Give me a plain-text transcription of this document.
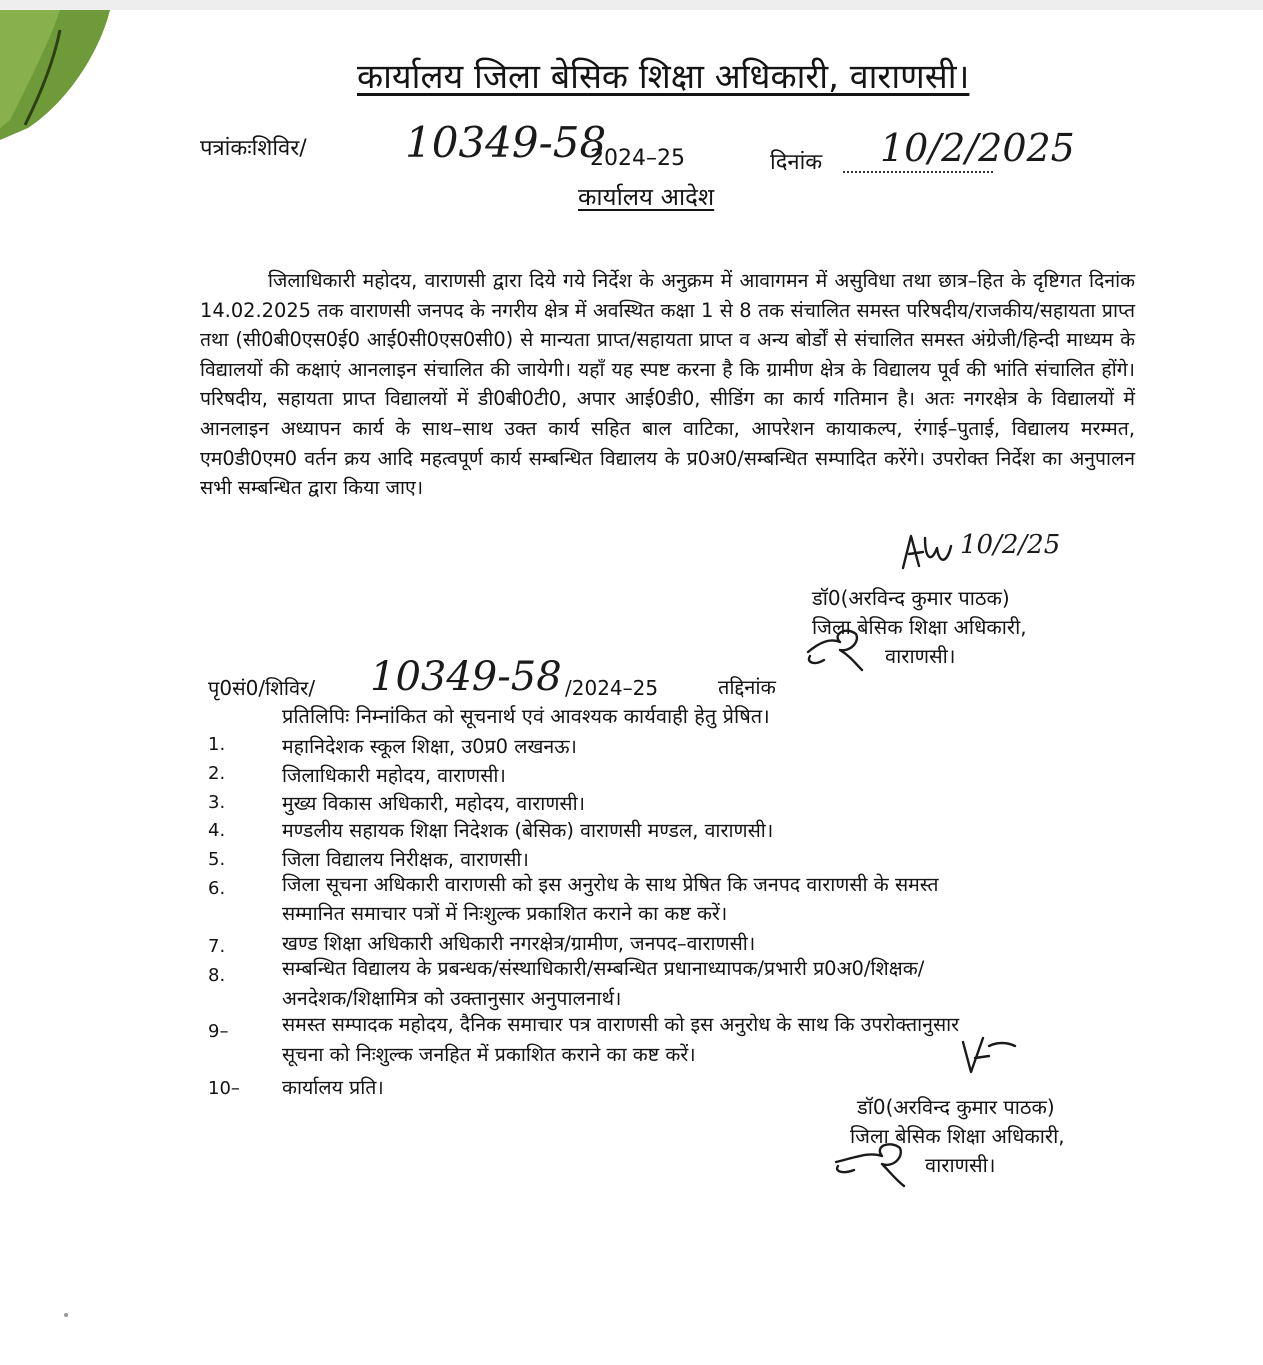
कार्यालय जिला बेसिक शिक्षा अधिकारी, वाराणसी।
पत्रांकःशिविर/ 10349-58
2024–25	दिनांक 10/2/2025
कार्यालय आदेश
जिलाधिकारी महोदय, वाराणसी द्वारा दिये गये निर्देश के अनुक्रम में आवागमन में असुविधा तथा छात्र–हित के दृष्टिगत दिनांक 14.02.2025 तक वाराणसी जनपद के नगरीय क्षेत्र में अवस्थित कक्षा 1 से 8 तक संचालित समस्त परिषदीय/राजकीय/सहायता प्राप्त तथा (सी0बी0एस0ई0 आई0सी0एस0सी0) से मान्यता प्राप्त/सहायता प्राप्त व अन्य बोर्डों से संचालित समस्त अंग्रेजी/हिन्दी माध्यम के विद्यालयों की कक्षाएं आनलाइन संचालित की जायेगी। यहाँ यह स्पष्ट करना है कि ग्रामीण क्षेत्र के विद्यालय पूर्व की भांति संचालित होंगे। परिषदीय, सहायता प्राप्त विद्यालयों में डी0बी0टी0, अपार आई0डी0, सीडिंग का कार्य गतिमान है। अतः नगरक्षेत्र के विद्यालयों में आनलाइन अध्यापन कार्य के साथ–साथ उक्त कार्य सहित बाल वाटिका, आपरेशन कायाकल्प, रंगाई–पुताई, विद्यालय मरम्मत, एम0डी0एम0 वर्तन क्रय आदि महत्वपूर्ण कार्य सम्बन्धित विद्यालय के प्र0अ0/सम्बन्धित सम्पादित करेंगे। उपरोक्त निर्देश का अनुपालन सभी सम्बन्धित द्वारा किया जाए।
10/2/25
डॉ0(अरविन्द कुमार पाठक)
जिला बेसिक शिक्षा अधिकारी,
वाराणसी।
पृ0सं0/शिविर/ 10349-58 /2024–25	तद्दिनांक
प्रतिलिपिः निम्नांकित को सूचनार्थ एवं आवश्यक कार्यवाही हेतु प्रेषित।
1.	महानिदेशक स्कूल शिक्षा, उ0प्र0 लखनऊ।
2.	जिलाधिकारी महोदय, वाराणसी।
3.	मुख्य विकास अधिकारी, महोदय, वाराणसी।
4.	मण्डलीय सहायक शिक्षा निदेशक (बेसिक) वाराणसी मण्डल, वाराणसी।
5.	जिला विद्यालय निरीक्षक, वाराणसी।
6.	जिला सूचना अधिकारी वाराणसी को इस अनुरोध के साथ प्रेषित कि जनपद वाराणसी के समस्त
सम्मानित समाचार पत्रों में निःशुल्क प्रकाशित कराने का कष्ट करें।
7.	खण्ड शिक्षा अधिकारी अधिकारी नगरक्षेत्र/ग्रामीण, जनपद–वाराणसी।
8.	सम्बन्धित विद्यालय के प्रबन्धक/संस्थाधिकारी/सम्बन्धित प्रधानाध्यापक/प्रभारी प्र0अ0/शिक्षक/
अनदेशक/शिक्षामित्र को उक्तानुसार अनुपालनार्थ।
9–	समस्त सम्पादक महोदय, दैनिक समाचार पत्र वाराणसी को इस अनुरोध के साथ कि उपरोक्तानुसार
सूचना को निःशुल्क जनहित में प्रकाशित कराने का कष्ट करें।
10– कार्यालय प्रति।
डॉ0(अरविन्द कुमार पाठक)
जिला बेसिक शिक्षा अधिकारी,
वाराणसी।
